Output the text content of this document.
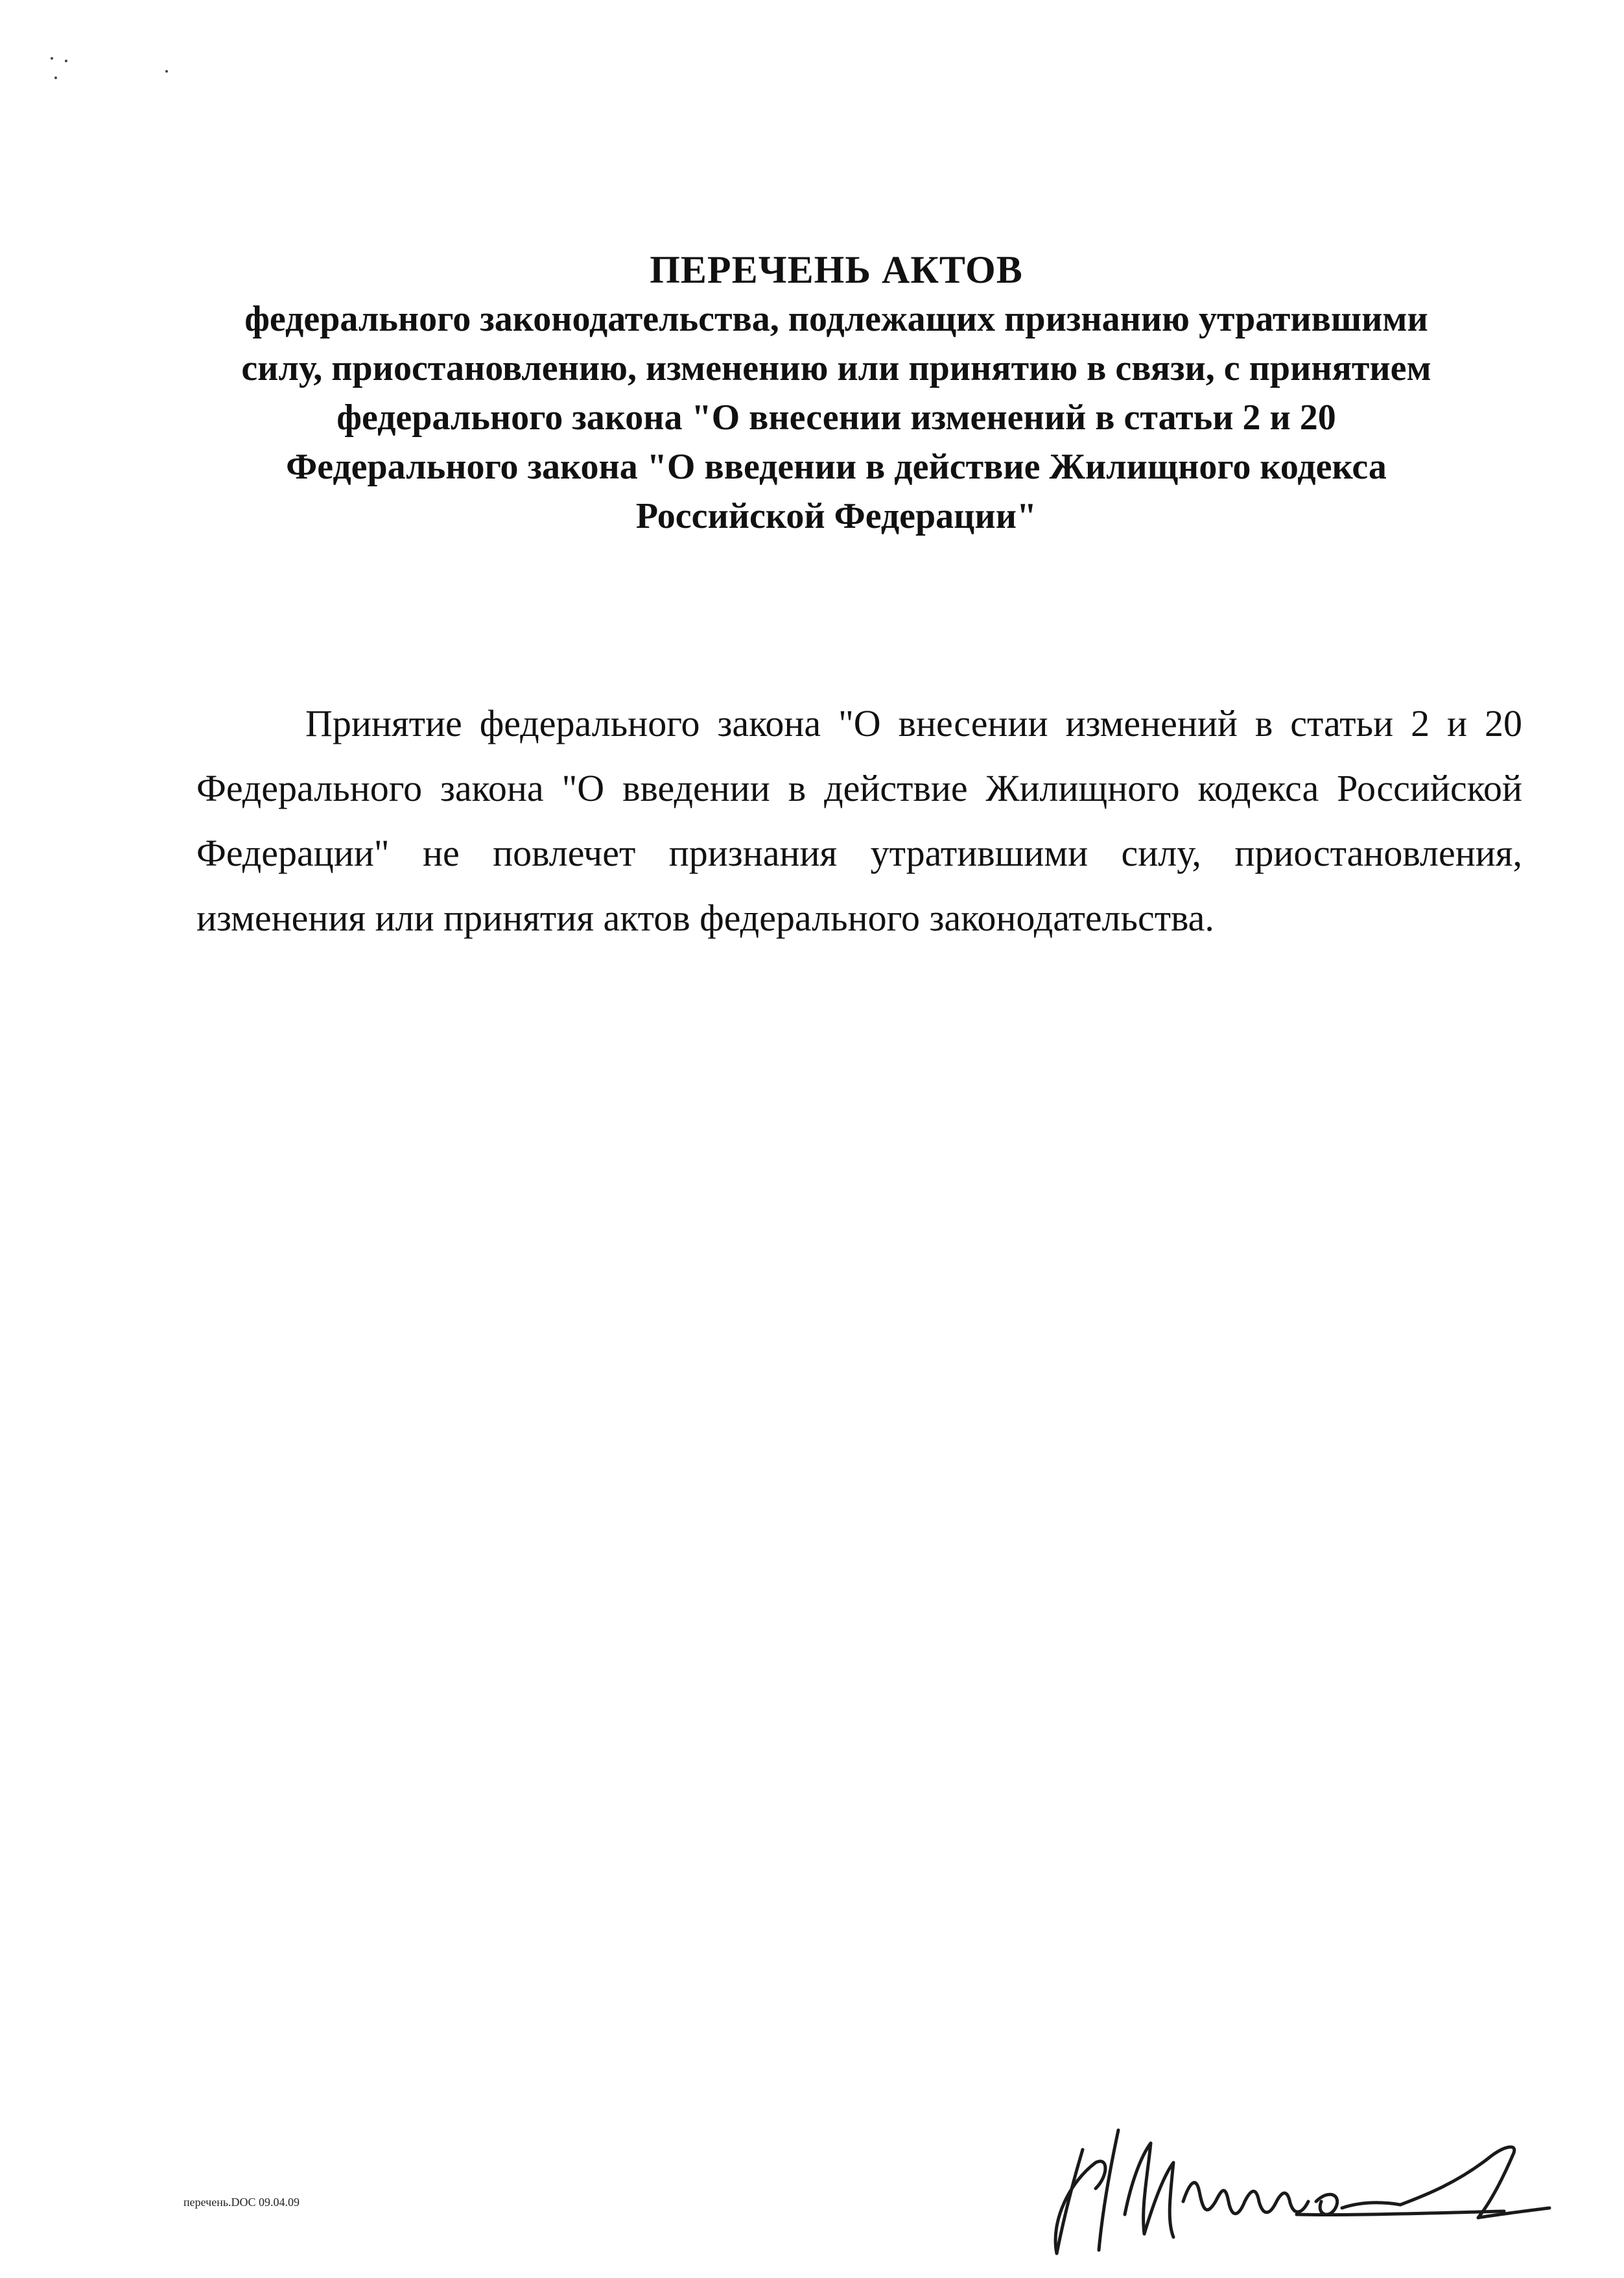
ПЕРЕЧЕНЬ АКТОВ
федерального законодательства, подлежащих признанию утратившими
силу, приостановлению, изменению или принятию в связи, с принятием
федерального закона "О внесении изменений в статьи 2 и 20
Федерального закона "О введении в действие Жилищного кодекса
Российской Федерации"

Принятие федерального закона "О внесении изменений в статьи 2 и 20 Федерального закона "О введении в действие Жилищного кодекса Российской Федерации" не повлечет признания утратившими силу, приостановления, изменения или принятия актов федерального законодательства.

перечень.DOC 09.04.09
